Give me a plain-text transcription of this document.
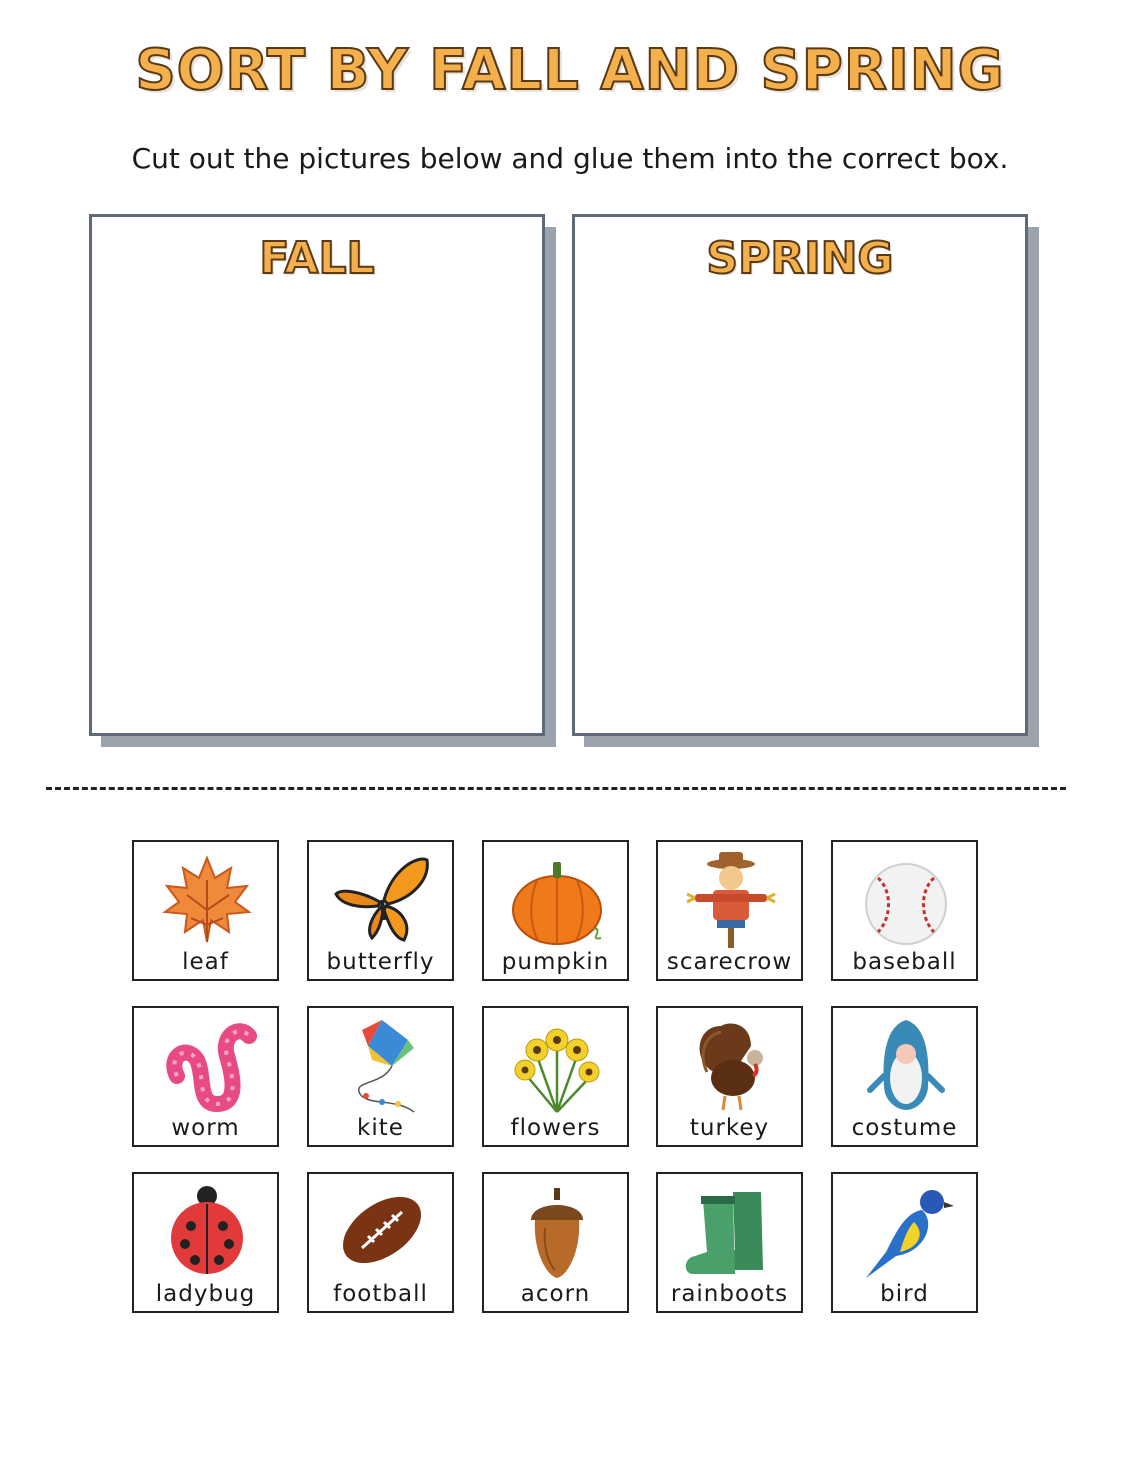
SORT BY FALL AND SPRING
Cut out the pictures below and glue them into the correct box.
FALL	SPRING
leaf	butterfly	pumpkin	scarecrow	baseball
worm	kite	flowers	turkey	costume
ladybug	football	acorn	rainboots	bird
